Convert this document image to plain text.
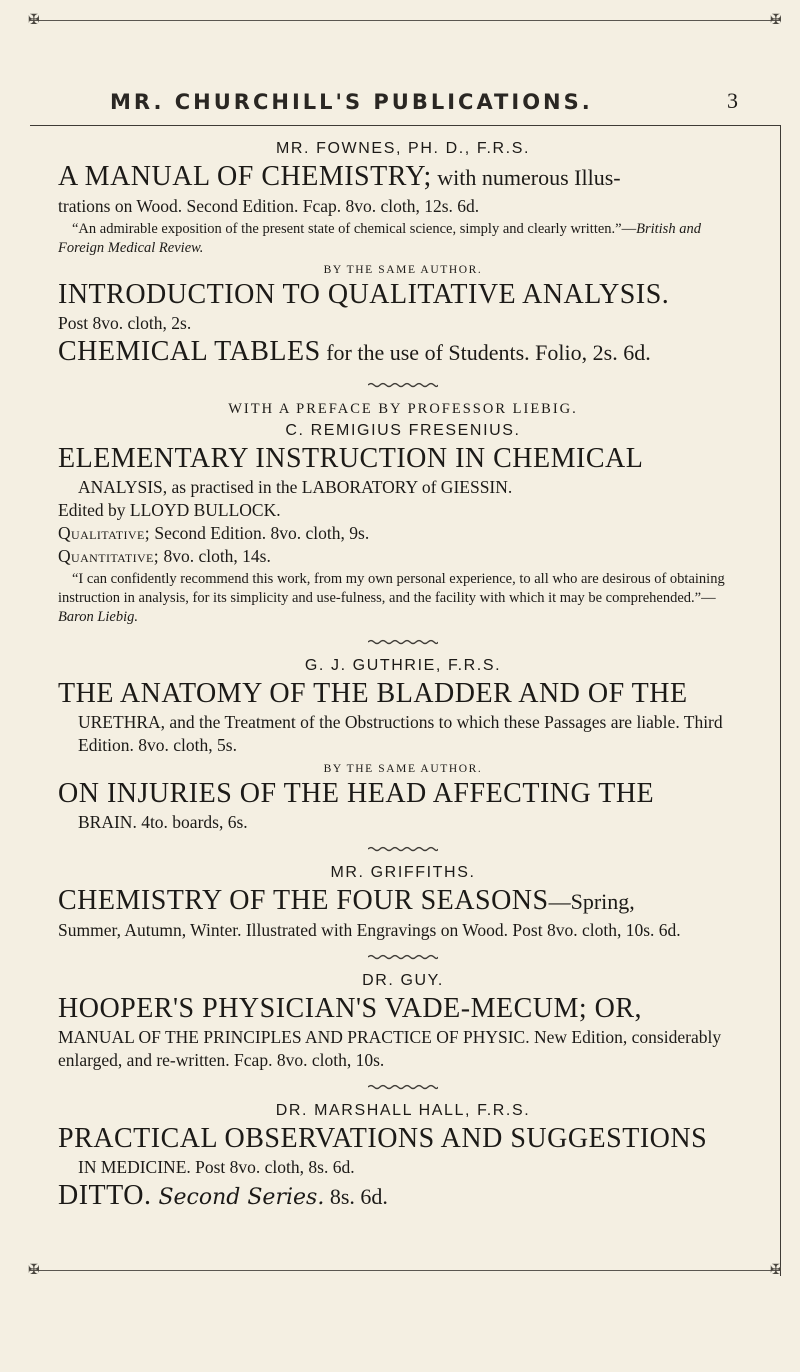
✠	✠
MR. CHURCHILL'S PUBLICATIONS.	3

MR. FOWNES, PH. D., F.R.S.

A MANUAL OF CHEMISTRY; with numerous Illus-

trations on Wood. Second Edition. Fcap. 8vo. cloth, 12s. 6d.

“An admirable exposition of the present state of chemical science, simply and clearly written.”—British and Foreign Medical Review.

BY THE SAME AUTHOR.

INTRODUCTION TO QUALITATIVE ANALYSIS.

Post 8vo. cloth, 2s.

CHEMICAL TABLES for the use of Students. Folio, 2s. 6d.

WITH A PREFACE BY PROFESSOR LIEBIG.

C. REMIGIUS FRESENIUS.

ELEMENTARY INSTRUCTION IN CHEMICAL

ANALYSIS, as practised in the LABORATORY of GIESSIN.

Edited by LLOYD BULLOCK.

Qualitative; Second Edition. 8vo. cloth, 9s.

Quantitative; 8vo. cloth, 14s.

“I can confidently recommend this work, from my own personal experience, to all who are desirous of obtaining instruction in analysis, for its simplicity and use-fulness, and the facility with which it may be comprehended.”—Baron Liebig.

G. J. GUTHRIE, F.R.S.

THE ANATOMY OF THE BLADDER AND OF THE

URETHRA, and the Treatment of the Obstructions to which these Passages are liable. Third Edition. 8vo. cloth, 5s.

BY THE SAME AUTHOR.

ON INJURIES OF THE HEAD AFFECTING THE

BRAIN. 4to. boards, 6s.

MR. GRIFFITHS.

CHEMISTRY OF THE FOUR SEASONS—Spring,

Summer, Autumn, Winter. Illustrated with Engravings on Wood. Post 8vo. cloth, 10s. 6d.

DR. GUY.

HOOPER'S PHYSICIAN'S VADE-MECUM; OR,

MANUAL OF THE PRINCIPLES AND PRACTICE OF PHYSIC. New Edition, considerably enlarged, and re-written. Fcap. 8vo. cloth, 10s.

DR. MARSHALL HALL, F.R.S.

PRACTICAL OBSERVATIONS AND SUGGESTIONS

IN MEDICINE. Post 8vo. cloth, 8s. 6d.

DITTO. Second Series. 8s. 6d.

✠	✠
